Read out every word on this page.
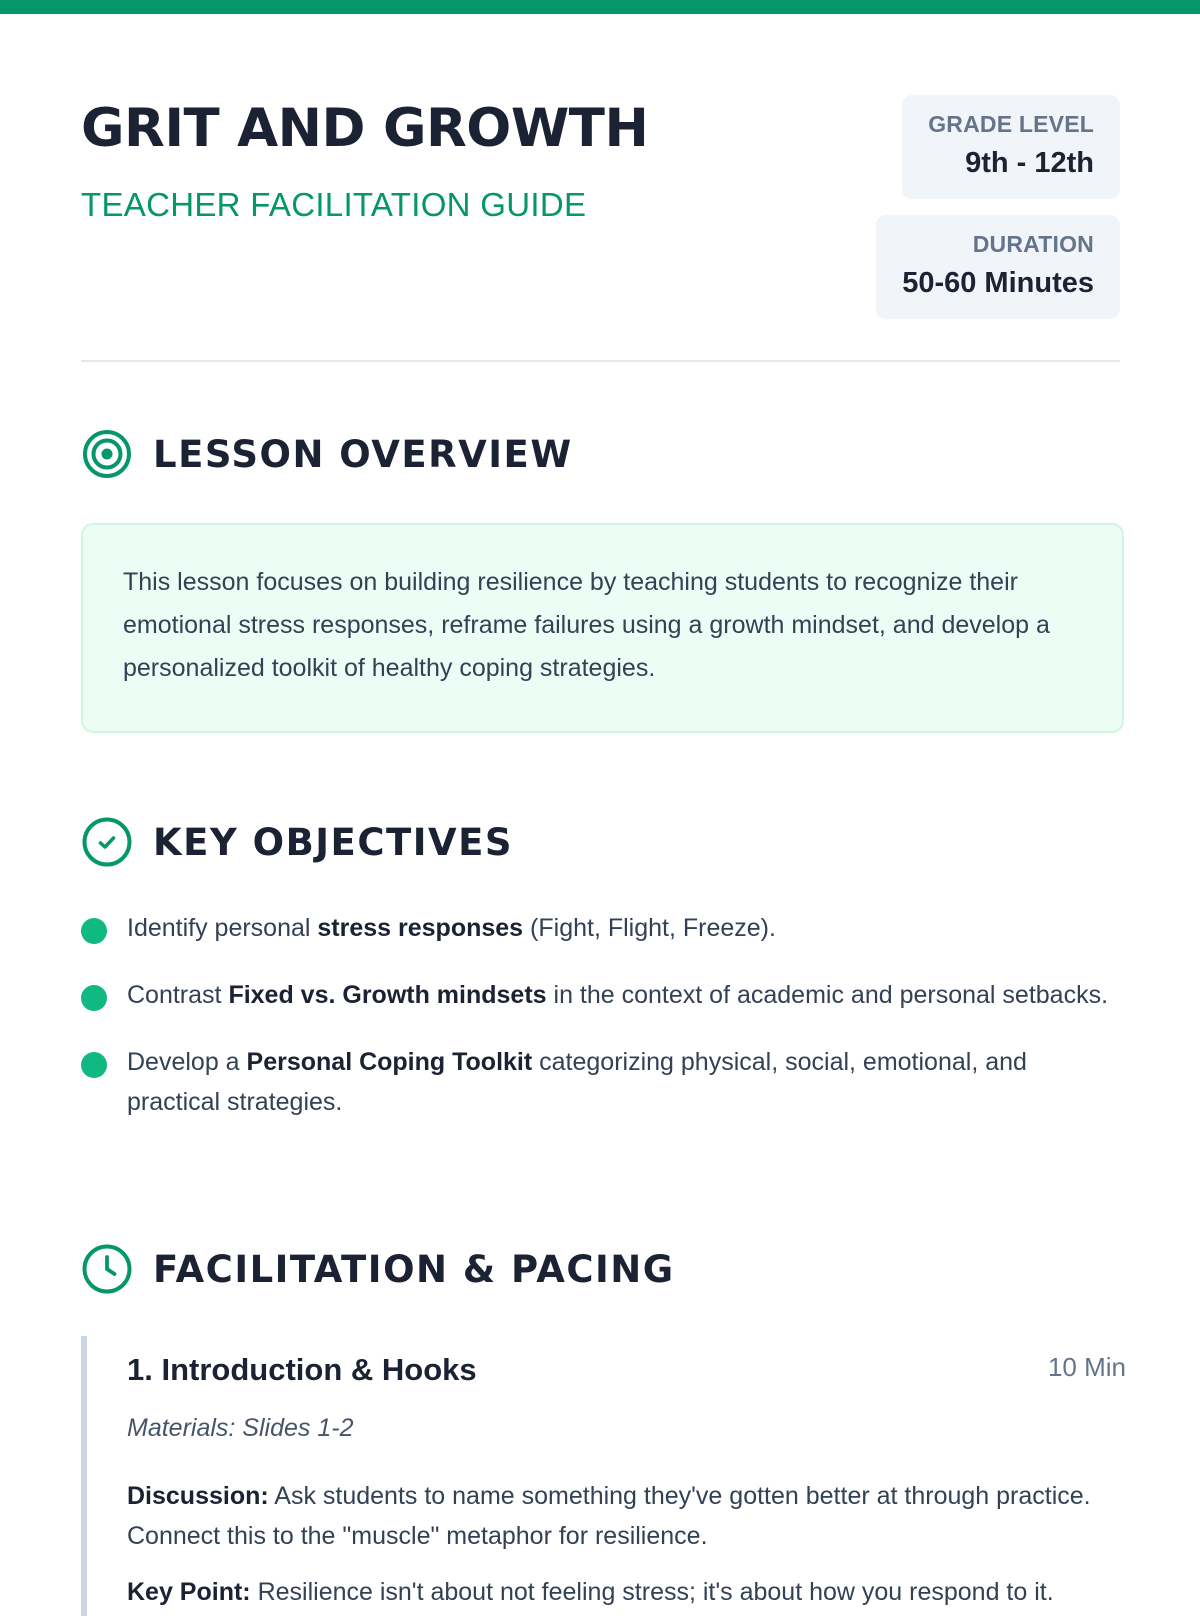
GRIT AND GROWTH
TEACHER FACILITATION GUIDE
GRADE LEVEL
9th - 12th
DURATION
50-60 Minutes
LESSON OVERVIEW
This lesson focuses on building resilience by teaching students to recognize their emotional stress responses, reframe failures using a growth mindset, and develop a personalized toolkit of healthy coping strategies.
KEY OBJECTIVES
Identify personal stress responses (Fight, Flight, Freeze).
Contrast Fixed vs. Growth mindsets in the context of academic and personal setbacks.
Develop a Personal Coping Toolkit categorizing physical, social, emotional, and practical strategies.
FACILITATION & PACING
1. Introduction & Hooks	10 Min
Materials: Slides 1-2
Discussion: Ask students to name something they've gotten better at through practice. Connect this to the "muscle" metaphor for resilience.
Key Point: Resilience isn't about not feeling stress; it's about how you respond to it.
